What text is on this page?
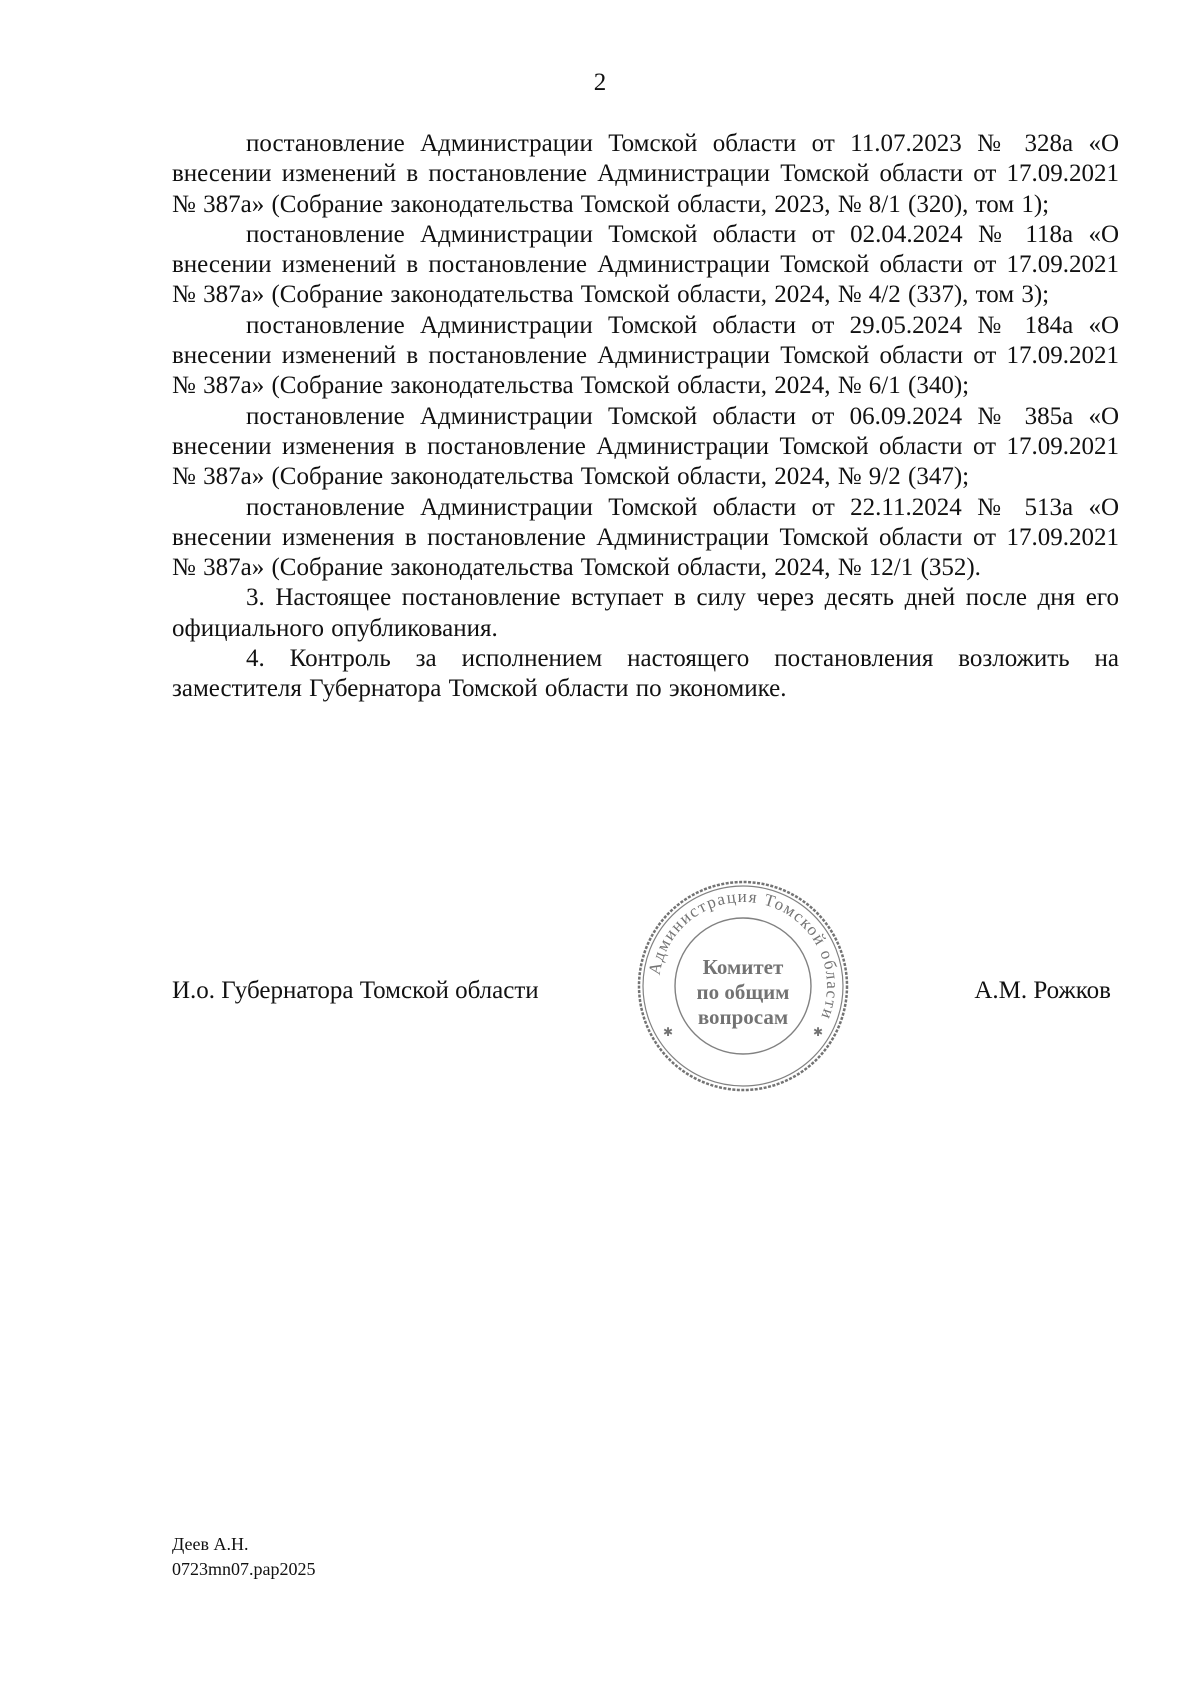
2

постановление Администрации Томской области от 11.07.2023 № 328а «О внесении изменений в постановление Администрации Томской области от 17.09.2021 № 387а» (Собрание законодательства Томской области, 2023, № 8/1 (320), том 1);

постановление Администрации Томской области от 02.04.2024 № 118а «О внесении изменений в постановление Администрации Томской области от 17.09.2021 № 387а» (Собрание законодательства Томской области, 2024, № 4/2 (337), том 3);

постановление Администрации Томской области от 29.05.2024 № 184а «О внесении изменений в постановление Администрации Томской области от 17.09.2021 № 387а» (Собрание законодательства Томской области, 2024, № 6/1 (340);

постановление Администрации Томской области от 06.09.2024 № 385а «О внесении изменения в постановление Администрации Томской области от 17.09.2021 № 387а» (Собрание законодательства Томской области, 2024, № 9/2 (347);

постановление Администрации Томской области от 22.11.2024 № 513а «О внесении изменения в постановление Администрации Томской области от 17.09.2021 № 387а» (Собрание законодательства Томской области, 2024, № 12/1 (352).

3. Настоящее постановление вступает в силу через десять дней после дня его официального опубликования.

4. Контроль за исполнением настоящего постановления возложить на заместителя Губернатора Томской области по экономике.

И.о. Губернатора Томской области
Администрация Томской области
✱	✱
Комитет
по общим
вопросам
А.М. Рожков
Деев А.Н.
0723mn07.pap2025
